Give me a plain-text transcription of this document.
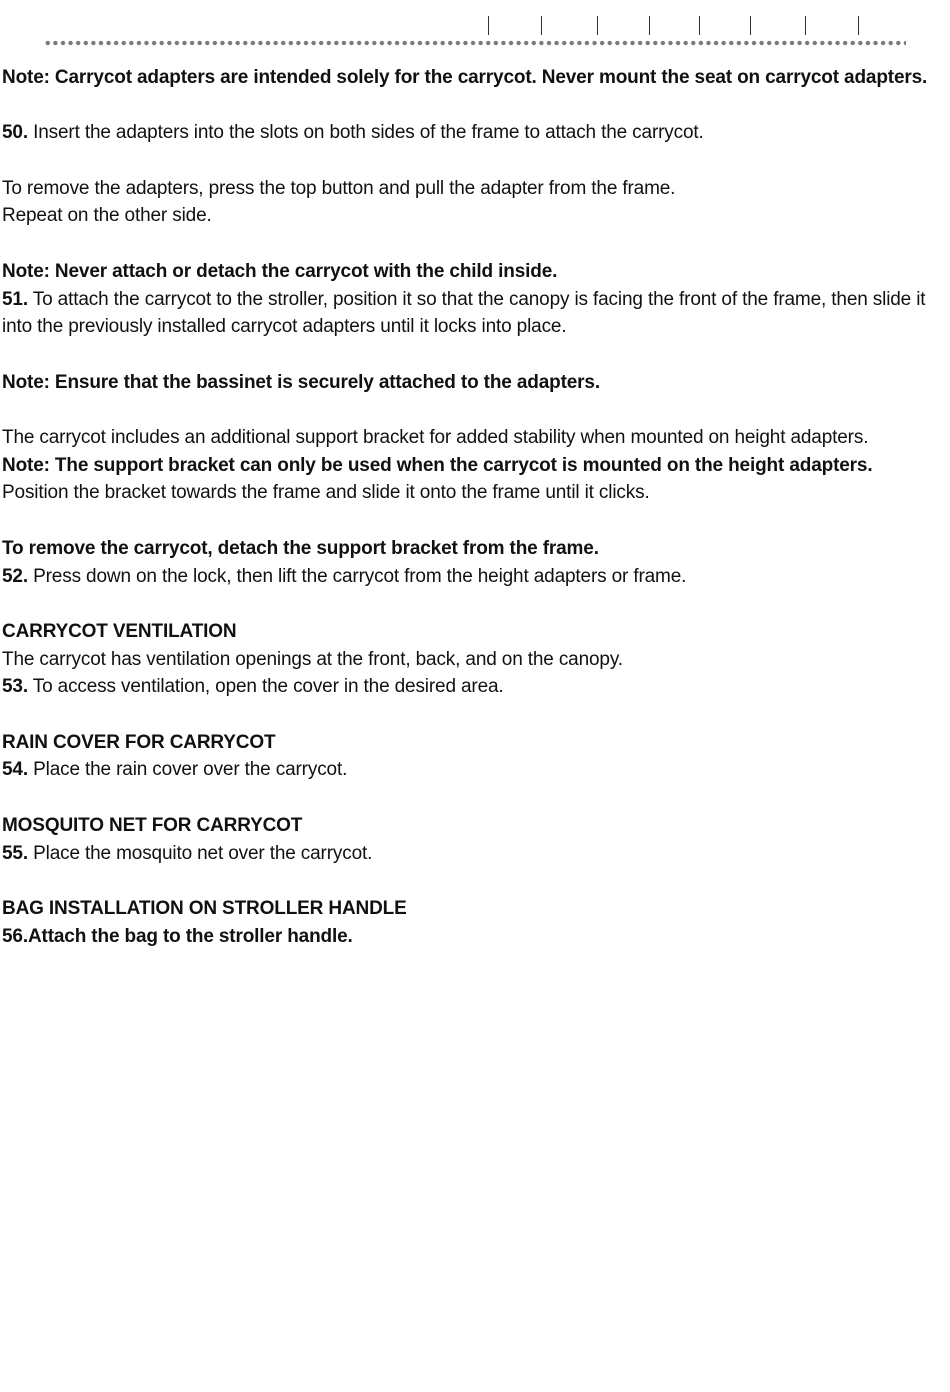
Note: Carrycot adapters are intended solely for the carrycot. Never mount the seat on carrycot adapters.

50. Insert the adapters into the slots on both sides of the frame to attach the carrycot.

To remove the adapters, press the top button and pull the adapter from the frame.

Repeat on the other side.

Note: Never attach or detach the carrycot with the child inside.

51. To attach the carrycot to the stroller, position it so that the canopy is facing the front of the frame, then slide it into the previously installed carrycot adapters until it locks into place.

Note: Ensure that the bassinet is securely attached to the adapters.

The carrycot includes an additional support bracket for added stability when mounted on height adapters.

Note: The support bracket can only be used when the carrycot is mounted on the height adapters.

Position the bracket towards the frame and slide it onto the frame until it clicks.

To remove the carrycot, detach the support bracket from the frame.

52. Press down on the lock, then lift the carrycot from the height adapters or frame.

CARRYCOT VENTILATION

The carrycot has ventilation openings at the front, back, and on the canopy.

53. To access ventilation, open the cover in the desired area.

RAIN COVER FOR CARRYCOT

54. Place the rain cover over the carrycot.

MOSQUITO NET FOR CARRYCOT

55. Place the mosquito net over the carrycot.

BAG INSTALLATION ON STROLLER HANDLE

56.Attach the bag to the stroller handle.
